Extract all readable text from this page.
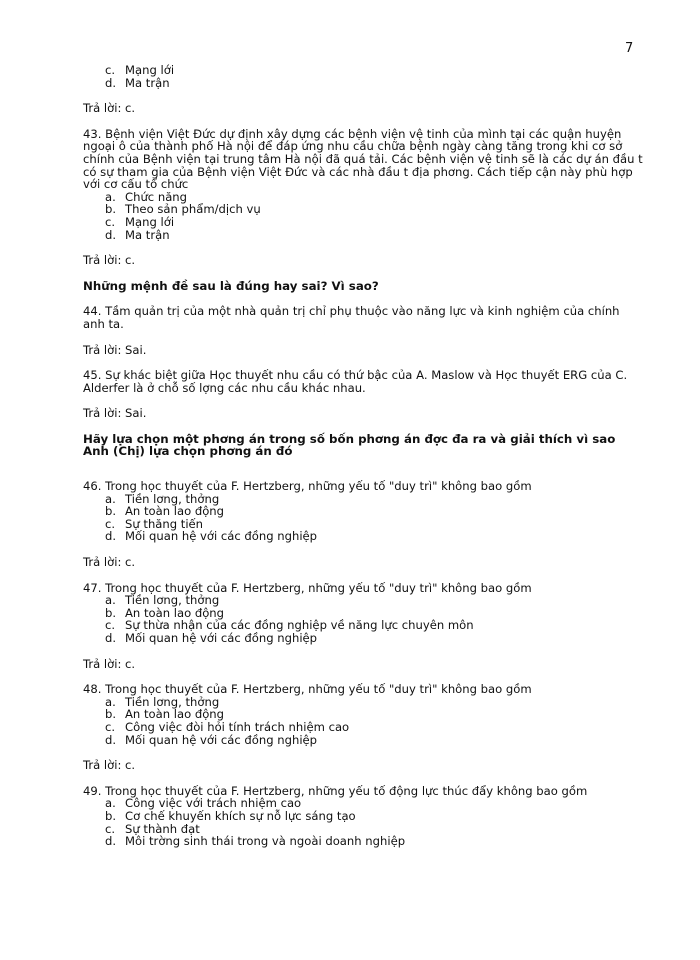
7
c. Mạng lới
d. Ma trận

Trả lời: c.

43. Bệnh viện Việt Đức dự định xây dựng các bệnh viện vệ tinh của mình tại các quận huyện ngoại ô của thành phố Hà nội để đáp ứng nhu cầu chữa bệnh ngày càng tăng trong khi cơ sở chính của Bệnh viện tại trung tâm Hà nội đã quá tải. Các bệnh viện vệ tinh sẽ là các dự án đầu t có sự tham gia của Bệnh viện Việt Đức và các nhà đầu t địa phơng. Cách tiếp cận này phù hợp với cơ cấu tổ chức

a. Chức năng
b. Theo sản phẩm/dịch vụ
c. Mạng lới
d. Ma trận

Trả lời: c.

Những mệnh đề sau là đúng hay sai? Vì sao?

44. Tầm quản trị của một nhà quản trị chỉ phụ thuộc vào năng lực và kinh nghiệm của chính anh ta.

Trả lời: Sai.

45. Sự khác biệt giữa Học thuyết nhu cầu có thứ bậc của A. Maslow và Học thuyết ERG của C. Alderfer là ở chỗ số lợng các nhu cầu khác nhau.

Trả lời: Sai.

Hãy lựa chọn một phơng án trong số bốn phơng án đợc đa ra và giải thích vì sao Anh (Chị) lựa chọn phơng án đó

46. Trong học thuyết của F. Hertzberg, những yếu tố "duy trì" không bao gồm

a. Tiền lơng, thởng
b. An toàn lao động
c. Sự thăng tiến
d. Mối quan hệ với các đồng nghiệp

Trả lời: c.

47. Trong học thuyết của F. Hertzberg, những yếu tố "duy trì" không bao gồm

a. Tiền lơng, thởng
b. An toàn lao động
c. Sự thừa nhận của các đồng nghiệp về năng lực chuyên môn
d. Mối quan hệ với các đồng nghiệp

Trả lời: c.

48. Trong học thuyết của F. Hertzberg, những yếu tố "duy trì" không bao gồm

a. Tiền lơng, thởng
b. An toàn lao động
c. Công việc đòi hỏi tính trách nhiệm cao
d. Mối quan hệ với các đồng nghiệp

Trả lời: c.

49. Trong học thuyết của F. Hertzberg, những yếu tố động lực thúc đẩy không bao gồm

a. Công việc với trách nhiệm cao
b. Cơ chế khuyến khích sự nỗ lực sáng tạo
c. Sự thành đạt
d. Môi trờng sinh thái trong và ngoài doanh nghiệp
